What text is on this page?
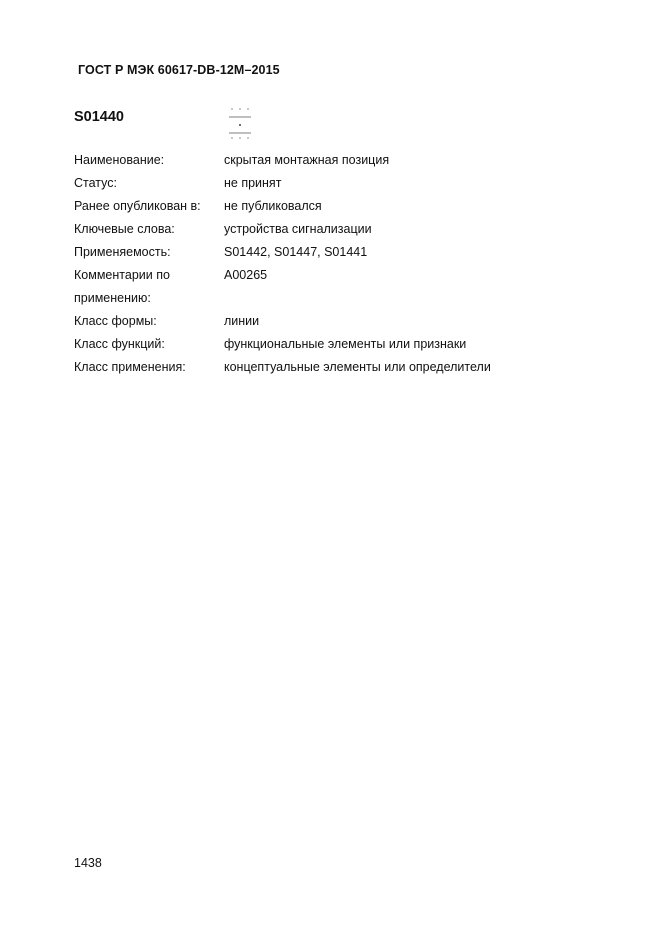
ГОСТ Р МЭК 60617-DB-12M–2015
S01440
Наименование:	скрытая монтажная позиция
Статус:	не принят
Ранее опубликован в:	не публиковался
Ключевые слова:	устройства сигнализации
Применяемость:	S01442, S01447, S01441
Комментарии по применению:
A00265
Класс формы:	линии
Класс функций:	функциональные элементы или признаки
Класс применения:	концептуальные элементы или определители
1438
